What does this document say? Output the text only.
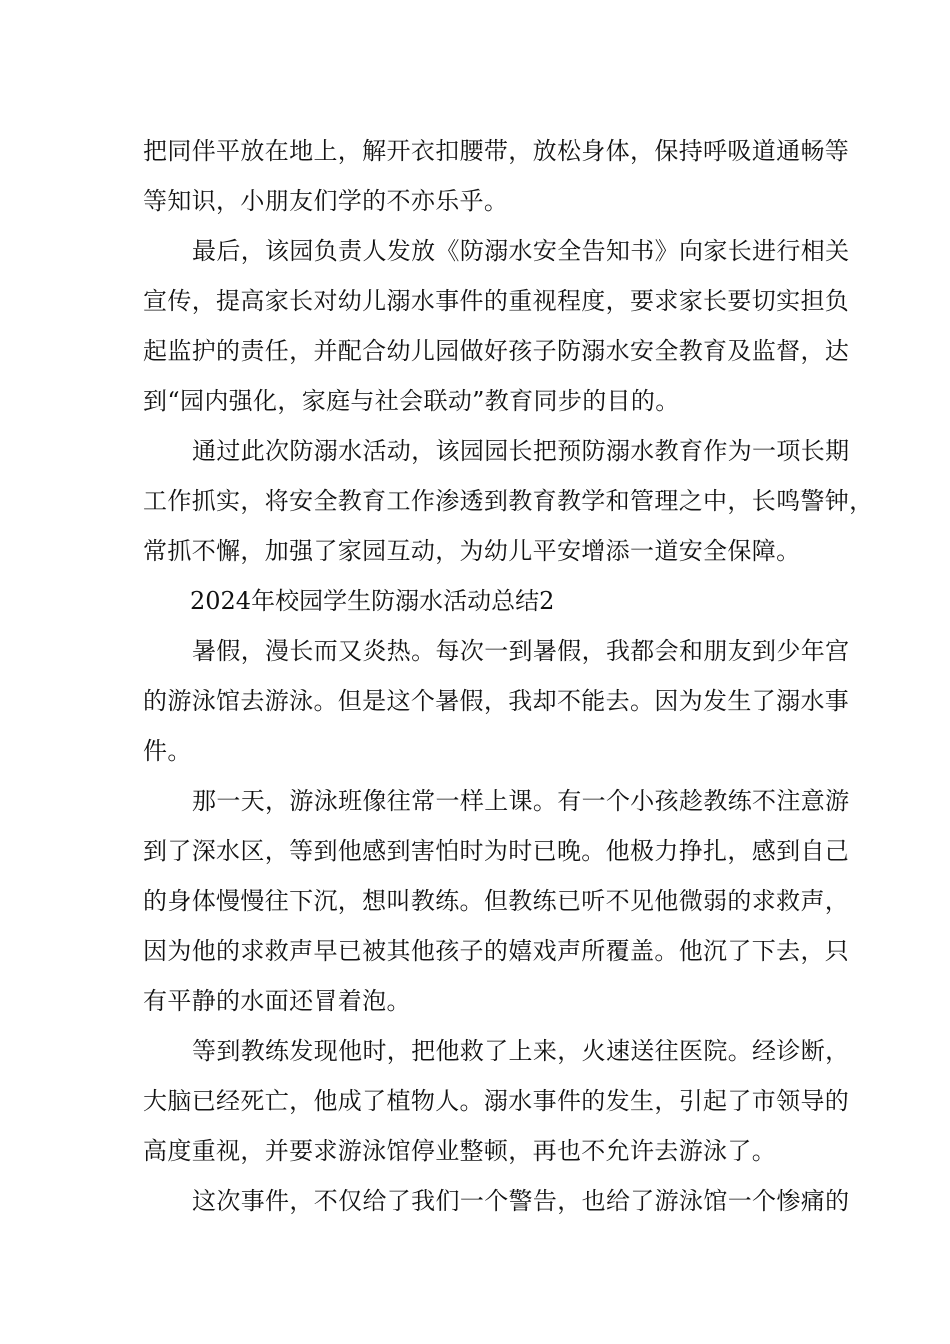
把同伴平放在地上，解开衣扣腰带，放松身体，保持呼吸道通畅等
等知识，小朋友们学的不亦乐乎。
最后，该园负责人发放《防溺水安全告知书》向家长进行相关
宣传，提高家长对幼儿溺水事件的重视程度，要求家长要切实担负
起监护的责任，并配合幼儿园做好孩子防溺水安全教育及监督，达
到“园内强化，家庭与社会联动”教育同步的目的。
通过此次防溺水活动，该园园长把预防溺水教育作为一项长期
工作抓实，将安全教育工作渗透到教育教学和管理之中，长鸣警钟，
常抓不懈，加强了家园互动，为幼儿平安增添一道安全保障。
2024年校园学生防溺水活动总结2
暑假，漫长而又炎热。每次一到暑假，我都会和朋友到少年宫
的游泳馆去游泳。但是这个暑假，我却不能去。因为发生了溺水事
件。
那一天，游泳班像往常一样上课。有一个小孩趁教练不注意游
到了深水区，等到他感到害怕时为时已晚。他极力挣扎，感到自己
的身体慢慢往下沉，想叫教练。但教练已听不见他微弱的求救声，
因为他的求救声早已被其他孩子的嬉戏声所覆盖。他沉了下去，只
有平静的水面还冒着泡。
等到教练发现他时，把他救了上来，火速送往医院。经诊断，
大脑已经死亡，他成了植物人。溺水事件的发生，引起了市领导的
高度重视，并要求游泳馆停业整顿，再也不允许去游泳了。
这次事件，不仅给了我们一个警告，也给了游泳馆一个惨痛的
